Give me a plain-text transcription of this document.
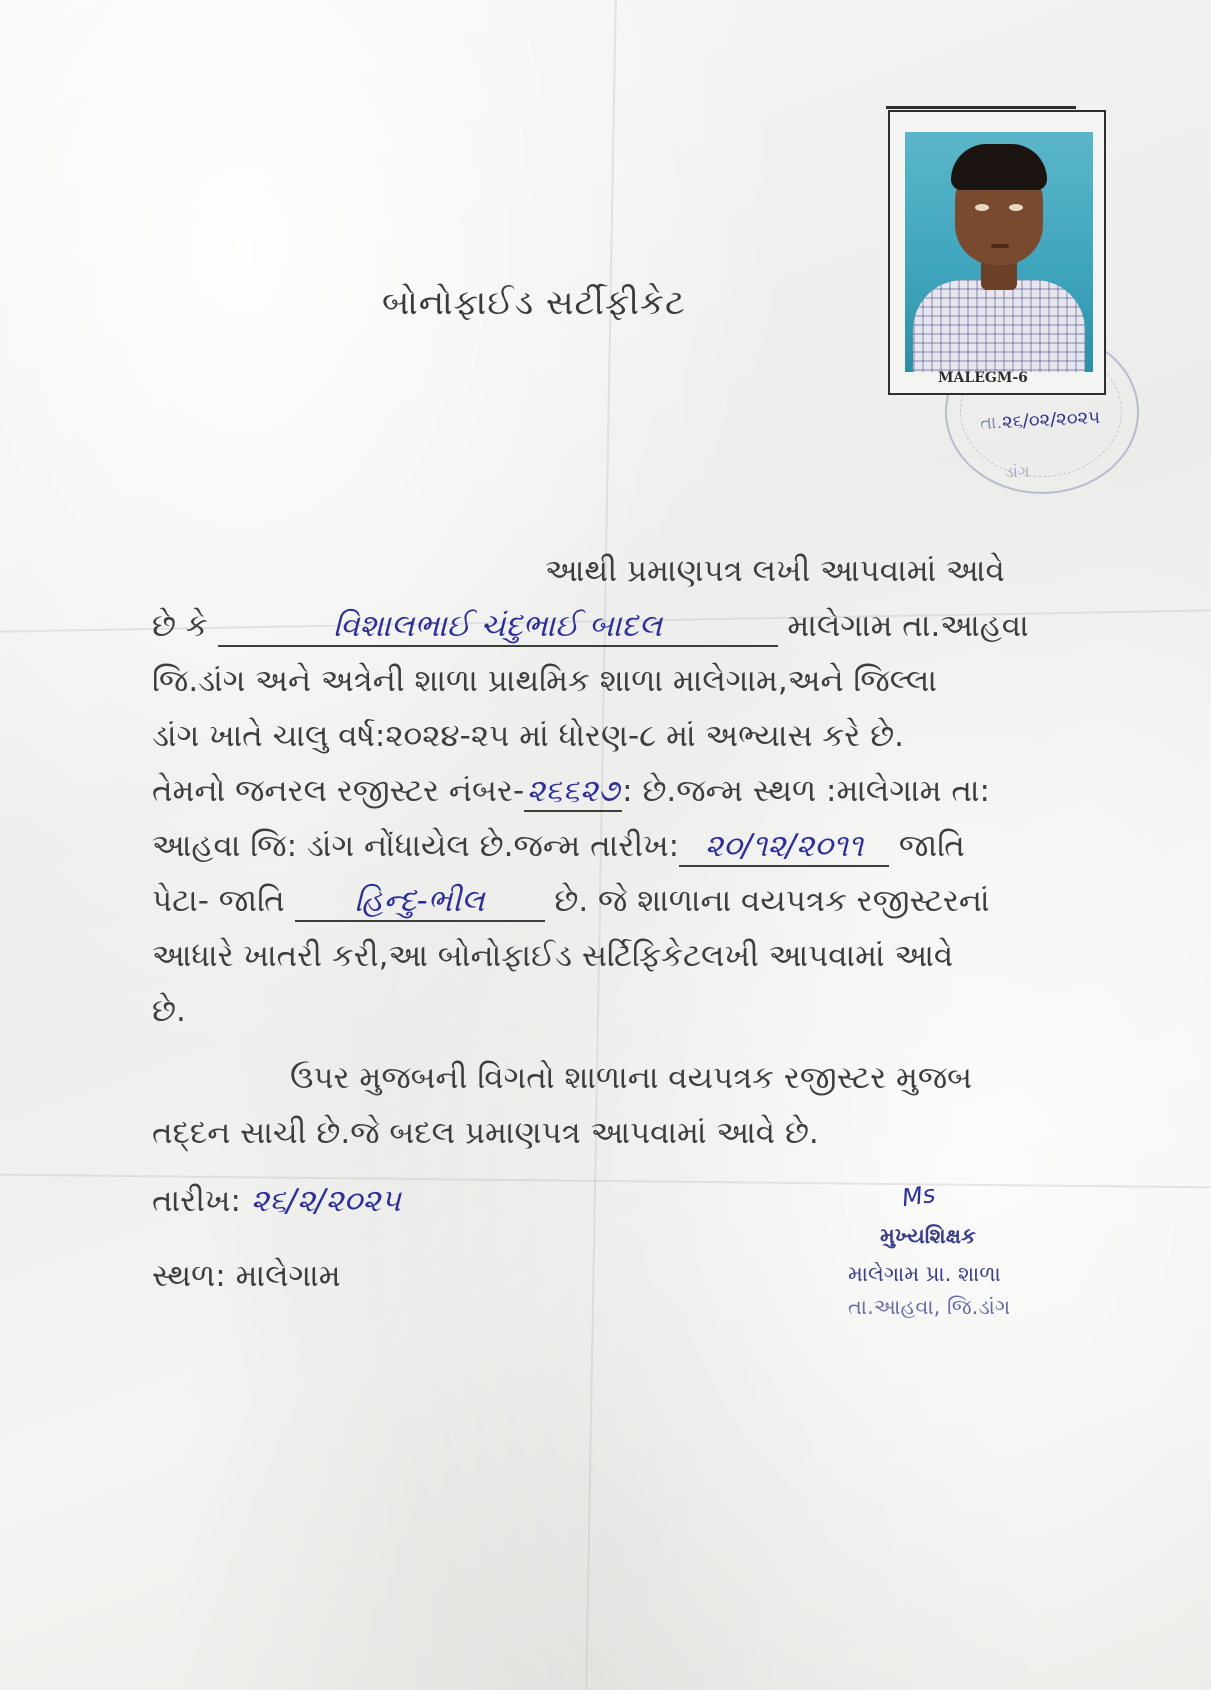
ડાંગ
MALEGM-6
તા.૨૬/૦૨/૨૦૨૫
બોનોફાઈડ સર્ટીફીકેટ
આથી પ્રમાણપત્ર લખી આપવામાં આવે
છે કે	વિશાલભાઈ ચંદુભાઈ બાદલ	માલેગામ તા.આહવા
જિ.ડાંગ અને અત્રેની શાળા પ્રાથમિક શાળા માલેગામ,અને જિલ્લા
ડાંગ ખાતે ચાલુ વર્ષ:૨૦૨૪-૨૫ માં ધોરણ-૮ માં અભ્યાસ કરે છે.
તેમનો જનરલ રજીસ્ટર નંબર-૨૬૬૨૭: છે.જન્મ સ્થળ :માલેગામ તા:
આહવા જિ: ડાંગ નોંધાયેલ છે.જન્મ તારીખ: ૨૦/૧૨/૨૦૧૧ જાતિ
પેટા- જાતિ હિન્દુ-ભીલ છે. જે શાળાના વયપત્રક રજીસ્ટરનાં
આધારે ખાતરી કરી,આ બોનોફાઈડ સર્ટિફિકેટલખી આપવામાં આવે
છે.
ઉપર મુજબની વિગતો શાળાના વયપત્રક રજીસ્ટર મુજબ
તદ્દન સાચી છે.જે બદલ પ્રમાણપત્ર આપવામાં આવે છે.
તારીખ: ૨૬/૨/૨૦૨૫
સ્થળ: માલેગામ
Ms
મુખ્યશિક્ષક
માલેગામ પ્રા. શાળા
તા.આહવા, જિ.ડાંગ
